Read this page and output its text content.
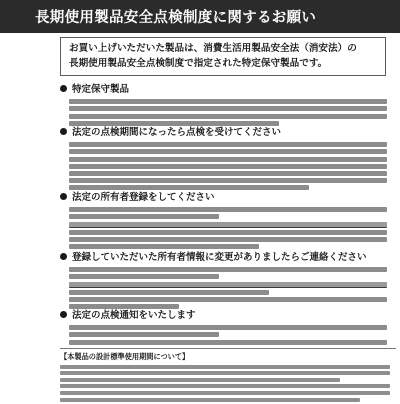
長期使用製品安全点検制度に関するお願い
お買い上げいただいた製品は、消費生活用製品安全法（消安法）の
長期使用製品安全点検制度で指定された特定保守製品です。
特定保守製品
法定の点検期間になったら点検を受けてください
法定の所有者登録をしてください
登録していただいた所有者情報に変更がありましたらご連絡ください
法定の点検通知をいたします
【本製品の設計標準使用期間について】
